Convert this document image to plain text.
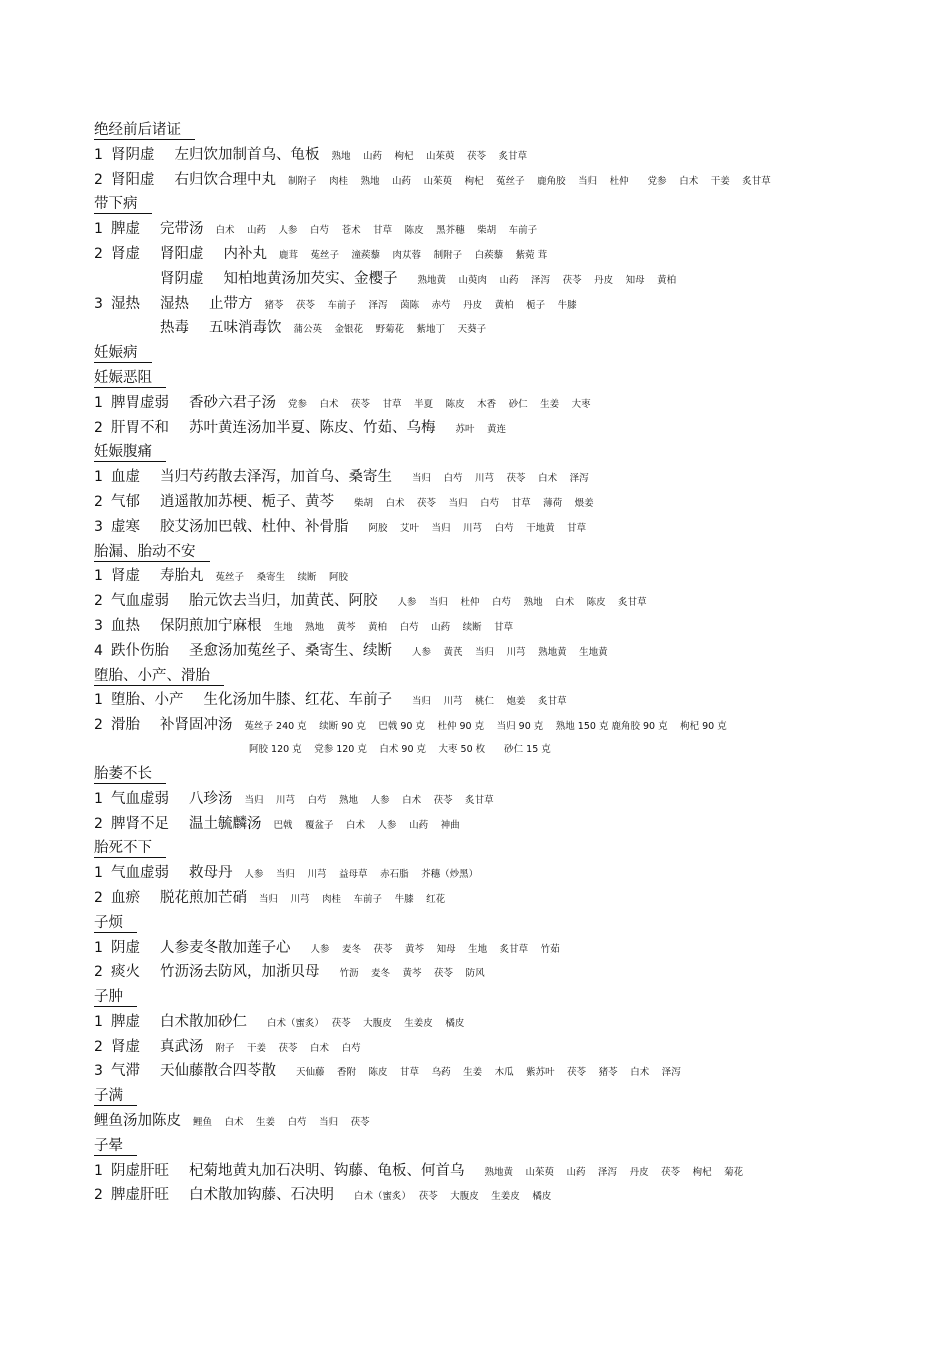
绝经前后诸证
1 肾阴虚 左归饮加制首乌、龟板 熟地　 山药　 枸杞　 山茱萸　 茯苓　 炙甘草
2 肾阳虚 右归饮合理中丸 制附子　 肉桂　 熟地　 山药　 山茱萸　 枸杞　 菟丝子　 鹿角胶　 当归　 杜仲　　党参　 白术　 干姜　 炙甘草
带下病
1 脾虚 完带汤 白术　 山药　 人参　 白芍　 苍术　 甘草　 陈皮　 黑芥穗　 柴胡　 车前子
2 肾虚 肾阳虚 内补丸 鹿茸　 菟丝子　 潼蒺藜　 肉苁蓉　 制附子　 白蒺藜　 紫菀 茸
肾阴虚 知柏地黄汤加芡实、金樱子 熟地黄　 山萸肉　 山药　 泽泻　 茯苓　 丹皮　 知母　 黄柏
3 湿热 湿热 止带方 猪苓　 茯苓　 车前子　 泽泻　 茵陈　 赤芍　 丹皮　 黄柏　 栀子　 牛膝
热毒 五味消毒饮 蒲公英　 金银花　 野菊花　 紫地丁　 天葵子
妊娠病
妊娠恶阻
1 脾胃虚弱 香砂六君子汤 党参　 白术　 茯苓　 甘草　 半夏　 陈皮　 木香　 砂仁　 生姜　 大枣
2 肝胃不和 苏叶黄连汤加半夏、陈皮、竹茹、乌梅 苏叶　 黄连
妊娠腹痛
1 血虚 当归芍药散去泽泻，加首乌、桑寄生 当归　 白芍　 川芎　 茯苓　 白术　 泽泻
2 气郁 逍遥散加苏梗、栀子、黄芩 柴胡　 白术　 茯苓　 当归　 白芍　 甘草　 薄荷　 煨姜
3 虚寒 胶艾汤加巴戟、杜仲、补骨脂 阿胶　 艾叶　 当归　 川芎　 白芍　 干地黄　 甘草
胎漏、胎动不安
1 肾虚 寿胎丸 菟丝子　 桑寄生　 续断　 阿胶
2 气血虚弱 胎元饮去当归，加黄芪、阿胶 人参　 当归　 杜仲　 白芍　 熟地　 白术　 陈皮　 炙甘草
3 血热 保阴煎加宁麻根 生地　 熟地　 黄芩　 黄柏　 白芍　 山药　 续断　 甘草
4 跌仆伤胎 圣愈汤加菟丝子、桑寄生、续断 人参　 黄芪　 当归　 川芎　 熟地黄　 生地黄
堕胎、小产、滑胎
1 堕胎、小产 生化汤加牛膝、红花、车前子 当归　 川芎　 桃仁　 炮姜　 炙甘草
2 滑胎 补肾固冲汤 菟丝子 240 克　 续断 90 克　 巴戟 90 克　 杜仲 90 克　 当归 90 克　 熟地 150 克 鹿角胶 90 克　 枸杞 90 克
阿胶 120 克　 党参 120 克　 白术 90 克　 大枣 50 枚　　砂仁 15 克
胎萎不长
1 气血虚弱 八珍汤 当归　 川芎　 白芍　 熟地　 人参　 白术　 茯苓　 炙甘草
2 脾肾不足 温土毓麟汤 巴戟　 覆盆子　 白术　 人参　 山药　 神曲
胎死不下
1 气血虚弱 救母丹 人参　 当归　 川芎　 益母草　 赤石脂　 芥穗（炒黑）
2 血瘀 脱花煎加芒硝 当归　 川芎　 肉桂　 车前子　 牛膝　 红花
子烦
1 阴虚 人参麦冬散加莲子心 人参　 麦冬　 茯苓　 黄芩　 知母　 生地　 炙甘草　 竹茹
2 痰火 竹沥汤去防风，加浙贝母 竹沥　 麦冬　 黄芩　 茯苓　 防风
子肿
1 脾虚 白术散加砂仁 白术（蜜炙）　 茯苓　 大腹皮　 生姜皮　 橘皮
2 肾虚 真武汤 附子　 干姜　 茯苓　 白术　 白芍
3 气滞 天仙藤散合四苓散 天仙藤　 香附　 陈皮　 甘草　 乌药　 生姜　 木瓜　 紫苏叶　 茯苓　 猪苓　 白术　 泽泻
子满
鲤鱼汤加陈皮 鲤鱼　 白术　 生姜　 白芍　 当归　 茯苓
子晕
1 阴虚肝旺 杞菊地黄丸加石决明、钩藤、龟板、何首乌 熟地黄　 山茱萸　 山药　 泽泻　 丹皮　 茯苓　 枸杞　 菊花
2 脾虚肝旺 白术散加钩藤、石决明 白术（蜜炙）　 茯苓　 大腹皮　 生姜皮　 橘皮
